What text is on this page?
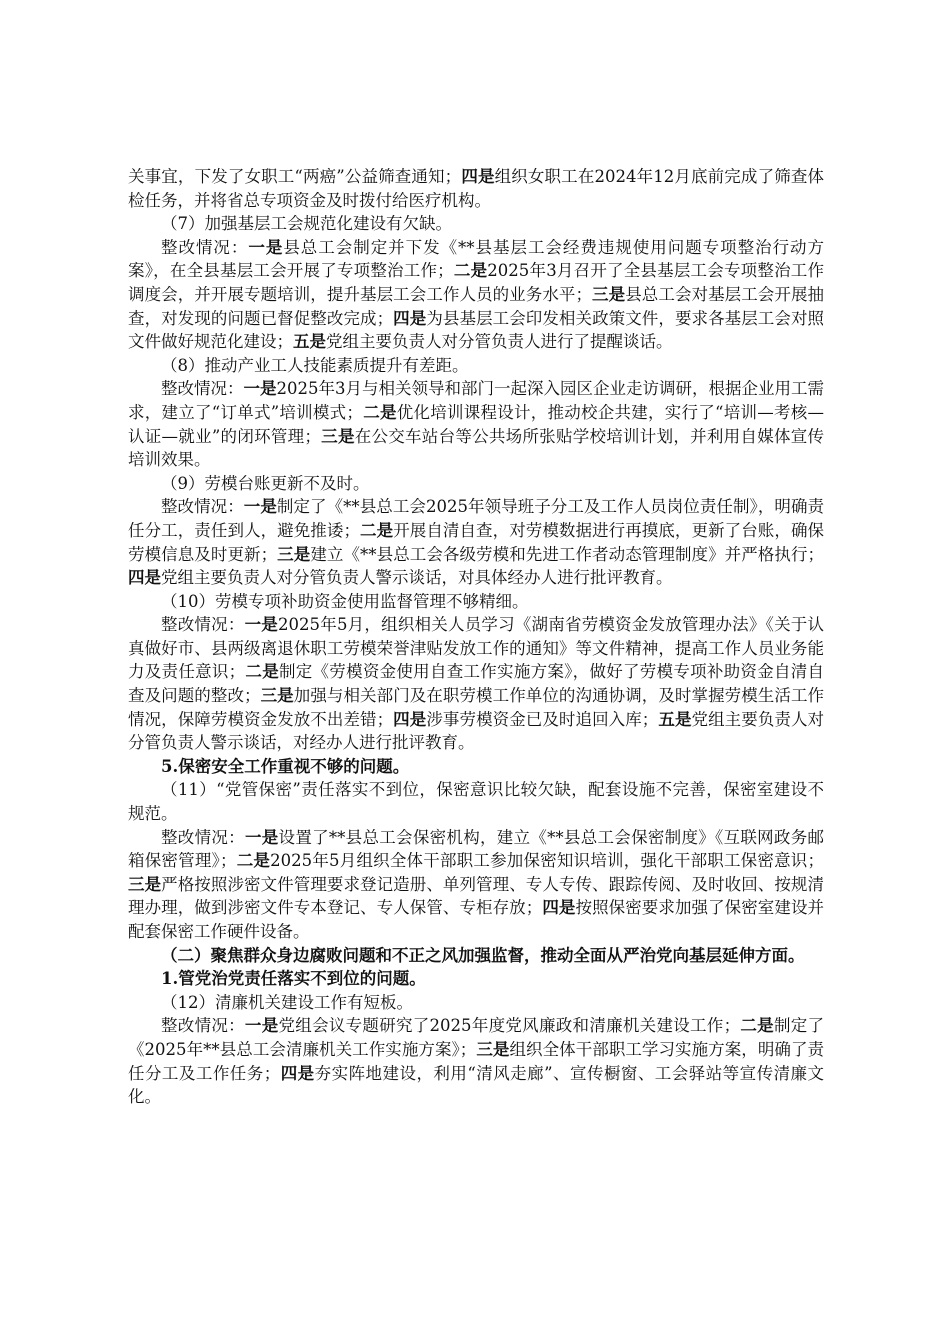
关事宜，下发了女职工“两癌”公益筛查通知；四是组织女职工在2024年12月底前完成了筛查体检任务，并将省总专项资金及时拨付给医疗机构。

（7）加强基层工会规范化建设有欠缺。

整改情况：一是县总工会制定并下发《**县基层工会经费违规使用问题专项整治行动方案》，在全县基层工会开展了专项整治工作；二是2025年3月召开了全县基层工会专项整治工作调度会，并开展专题培训，提升基层工会工作人员的业务水平；三是县总工会对基层工会开展抽查，对发现的问题已督促整改完成；四是为县基层工会印发相关政策文件，要求各基层工会对照文件做好规范化建设；五是党组主要负责人对分管负责人进行了提醒谈话。

（8）推动产业工人技能素质提升有差距。

整改情况：一是2025年3月与相关领导和部门一起深入园区企业走访调研，根据企业用工需求，建立了“订单式”培训模式；二是优化培训课程设计，推动校企共建，实行了“培训—考核—认证—就业”的闭环管理；三是在公交车站台等公共场所张贴学校培训计划，并利用自媒体宣传培训效果。

（9）劳模台账更新不及时。

整改情况：一是制定了《**县总工会2025年领导班子分工及工作人员岗位责任制》，明确责任分工，责任到人，避免推诿；二是开展自清自查，对劳模数据进行再摸底，更新了台账，确保劳模信息及时更新；三是建立《**县总工会各级劳模和先进工作者动态管理制度》并严格执行；四是党组主要负责人对分管负责人警示谈话，对具体经办人进行批评教育。

（10）劳模专项补助资金使用监督管理不够精细。

整改情况：一是2025年5月，组织相关人员学习《湖南省劳模资金发放管理办法》《关于认真做好市、县两级离退休职工劳模荣誉津贴发放工作的通知》等文件精神，提高工作人员业务能力及责任意识；二是制定《劳模资金使用自查工作实施方案》，做好了劳模专项补助资金自清自查及问题的整改；三是加强与相关部门及在职劳模工作单位的沟通协调，及时掌握劳模生活工作情况，保障劳模资金发放不出差错；四是涉事劳模资金已及时追回入库；五是党组主要负责人对分管负责人警示谈话，对经办人进行批评教育。

5.保密安全工作重视不够的问题。

（11）“党管保密”责任落实不到位，保密意识比较欠缺，配套设施不完善，保密室建设不规范。

整改情况：一是设置了**县总工会保密机构，建立《**县总工会保密制度》《互联网政务邮箱保密管理》；二是2025年5月组织全体干部职工参加保密知识培训，强化干部职工保密意识；三是严格按照涉密文件管理要求登记造册、单列管理、专人专传、跟踪传阅、及时收回、按规清理办理，做到涉密文件专本登记、专人保管、专柜存放；四是按照保密要求加强了保密室建设并配套保密工作硬件设备。

（二）聚焦群众身边腐败问题和不正之风加强监督，推动全面从严治党向基层延伸方面。

1.管党治党责任落实不到位的问题。

（12）清廉机关建设工作有短板。

整改情况：一是党组会议专题研究了2025年度党风廉政和清廉机关建设工作；二是制定了《2025年**县总工会清廉机关工作实施方案》；三是组织全体干部职工学习实施方案，明确了责任分工及工作任务；四是夯实阵地建设，利用“清风走廊”、宣传橱窗、工会驿站等宣传清廉文化。
